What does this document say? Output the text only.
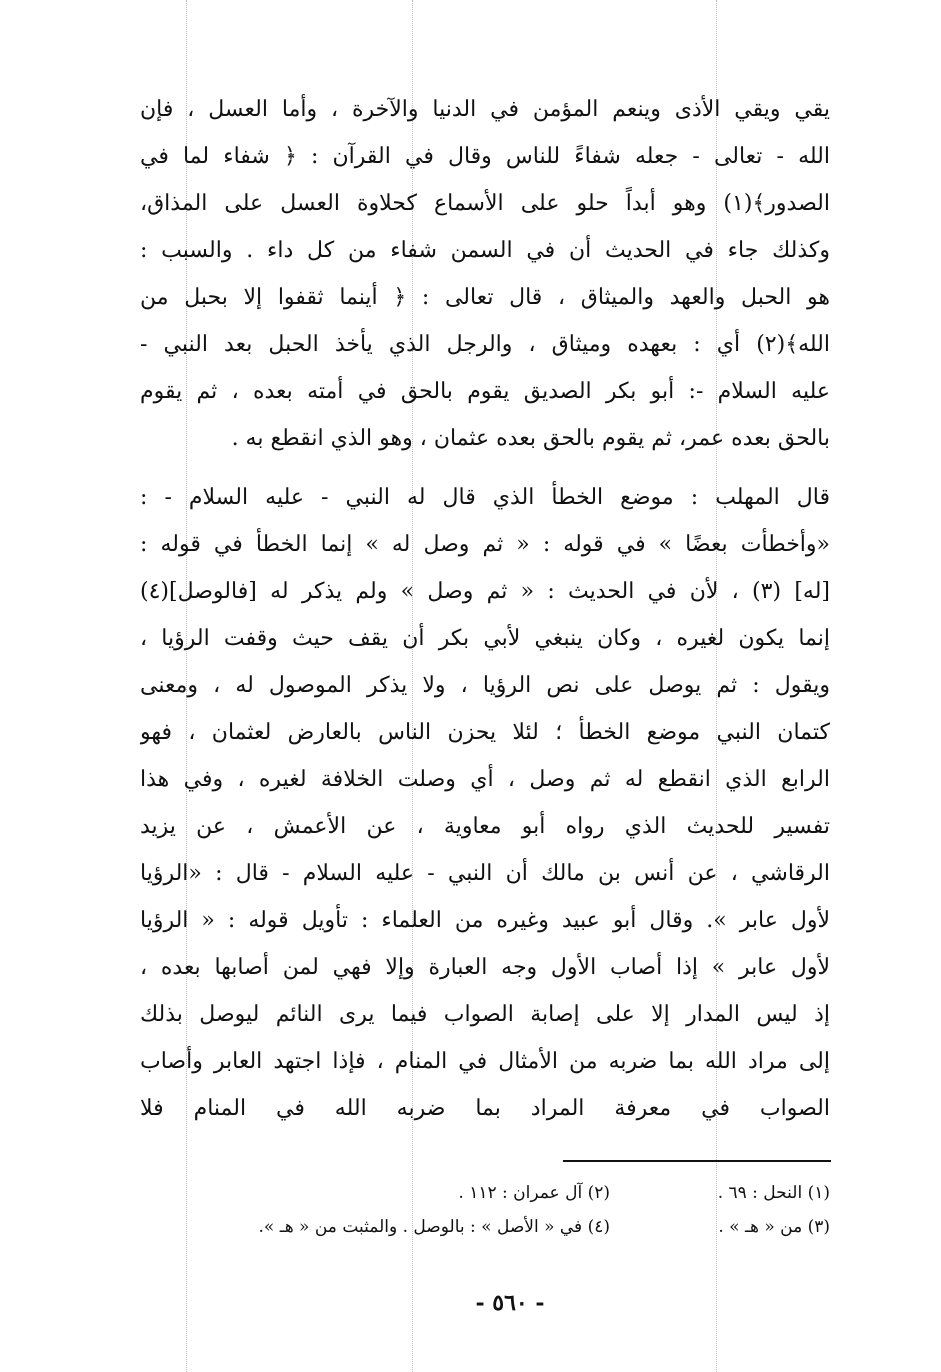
يقي ويقي الأذى وينعم المؤمن في الدنيا والآخرة ، وأما العسل ، فإن
الله - تعالى - جعله شفاءً للناس وقال في القرآن : ﴿ شفاء لما في
الصدور﴾(١) وهو أبداً حلو على الأسماع كحلاوة العسل على المذاق،
وكذلك جاء في الحديث أن في السمن شفاء من كل داء . والسبب :
هو الحبل والعهد والميثاق ، قال تعالى : ﴿ أينما ثقفوا إلا بحبل من
الله﴾(٢) أي : بعهده وميثاق ، والرجل الذي يأخذ الحبل بعد النبي -
عليه السلام -: أبو بكر الصديق يقوم بالحق في أمته بعده ، ثم يقوم
بالحق بعده عمر، ثم يقوم بالحق بعده عثمان ، وهو الذي انقطع به .
قال المهلب : موضع الخطأ الذي قال له النبي - عليه السلام - :
«وأخطأت بعضًا » في قوله : « ثم وصل له » إنما الخطأ في قوله :
[له] (٣) ، لأن في الحديث : « ثم وصل » ولم يذكر له [فالوصل](٤)
إنما يكون لغيره ، وكان ينبغي لأبي بكر أن يقف حيث وقفت الرؤيا ،
ويقول : ثم يوصل على نص الرؤيا ، ولا يذكر الموصول له ، ومعنى
كتمان النبي موضع الخطأ ؛ لئلا يحزن الناس بالعارض لعثمان ، فهو
الرابع الذي انقطع له ثم وصل ، أي وصلت الخلافة لغيره ، وفي هذا
تفسير للحديث الذي رواه أبو معاوية ، عن الأعمش ، عن يزيد
الرقاشي ، عن أنس بن مالك أن النبي - عليه السلام - قال : «الرؤيا
لأول عابر ». وقال أبو عبيد وغيره من العلماء : تأويل قوله : « الرؤيا
لأول عابر » إذا أصاب الأول وجه العبارة وإلا فهي لمن أصابها بعده ،
إذ ليس المدار إلا على إصابة الصواب فيما يرى النائم ليوصل بذلك
إلى مراد الله بما ضربه من الأمثال في المنام ، فإذا اجتهد العابر وأصاب
الصواب في معرفة المراد بما ضربه الله في المنام فلا
(١) النحل : ٦٩ .
(٢) آل عمران : ١١٢ .
(٣) من « هـ » .
(٤) في « الأصل » : بالوصل . والمثبت من « هـ ».
- ٥٦٠ -
